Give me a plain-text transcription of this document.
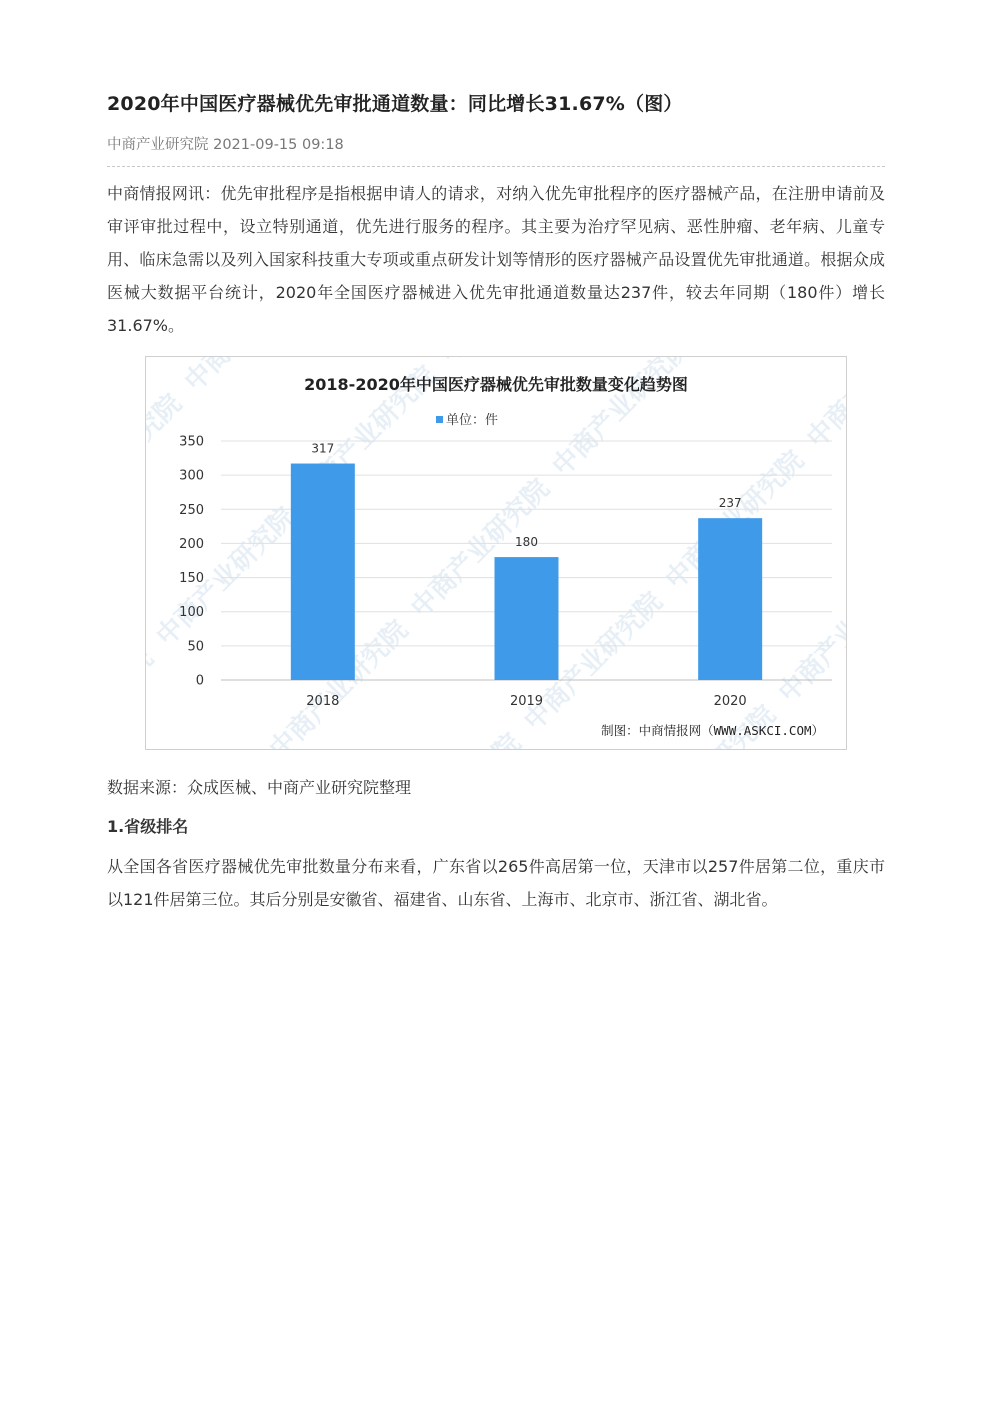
2020年中国医疗器械优先审批通道数量：同比增长31.67%（图）
中商产业研究院 2021-09-15 09:18

中商情报网讯：优先审批程序是指根据申请人的请求，对纳入优先审批程序的医疗器械产品，在注册申请前及审评审批过程中，设立特别通道，优先进行服务的程序。其主要为治疗罕见病、恶性肿瘤、老年病、儿童专用、临床急需以及列入国家科技重大专项或重点研发计划等情形的医疗器械产品设置优先审批通道。根据众成医械大数据平台统计，2020年全国医疗器械进入优先审批通道数量达237件，较去年同期（180件）增长31.67%。

2018-2020年中国医疗器械优先审批数量变化趋势图
单位：件
0
50
100
150
200
250
300
350	317
180
237
2018	2019	2020
制图：中商情报网（WWW.ASKCI.COM）
数据来源：众成医械、中商产业研究院整理
1.省级排名

从全国各省医疗器械优先审批数量分布来看，广东省以265件高居第一位，天津市以257件居第二位，重庆市以121件居第三位。其后分别是安徽省、福建省、山东省、上海市、北京市、浙江省、湖北省。
